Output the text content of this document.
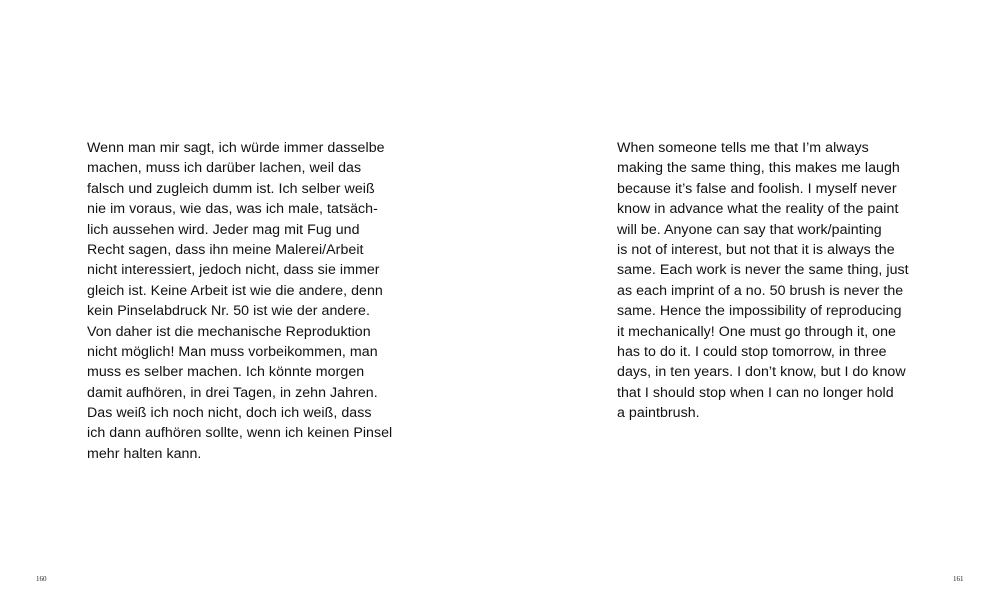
Wenn man mir sagt, ich würde immer dasselbe
machen, muss ich darüber lachen, weil das
falsch und zugleich dumm ist. Ich selber weiß
nie im voraus, wie das, was ich male, tatsäch-
lich aussehen wird. Jeder mag mit Fug und
Recht sagen, dass ihn meine Malerei/Arbeit
nicht interessiert, jedoch nicht, dass sie immer
gleich ist. Keine Arbeit ist wie die andere, denn
kein Pinselabdruck Nr. 50 ist wie der andere.
Von daher ist die mechanische Reproduktion
nicht möglich! Man muss vorbeikommen, man
muss es selber machen. Ich könnte morgen
damit aufhören, in drei Tagen, in zehn Jahren.
Das weiß ich noch nicht, doch ich weiß, dass
ich dann aufhören sollte, wenn ich keinen Pinsel
mehr halten kann.
160
When someone tells me that I’m always
making the same thing, this makes me laugh
because it’s false and foolish. I myself never
know in advance what the reality of the paint
will be. Anyone can say that work/painting
is not of interest, but not that it is always the
same. Each work is never the same thing, just
as each imprint of a no. 50 brush is never the
same. Hence the impossibility of reproducing
it mechanically! One must go through it, one
has to do it. I could stop tomorrow, in three
days, in ten years. I don’t know, but I do know
that I should stop when I can no longer hold
a paintbrush.
161
